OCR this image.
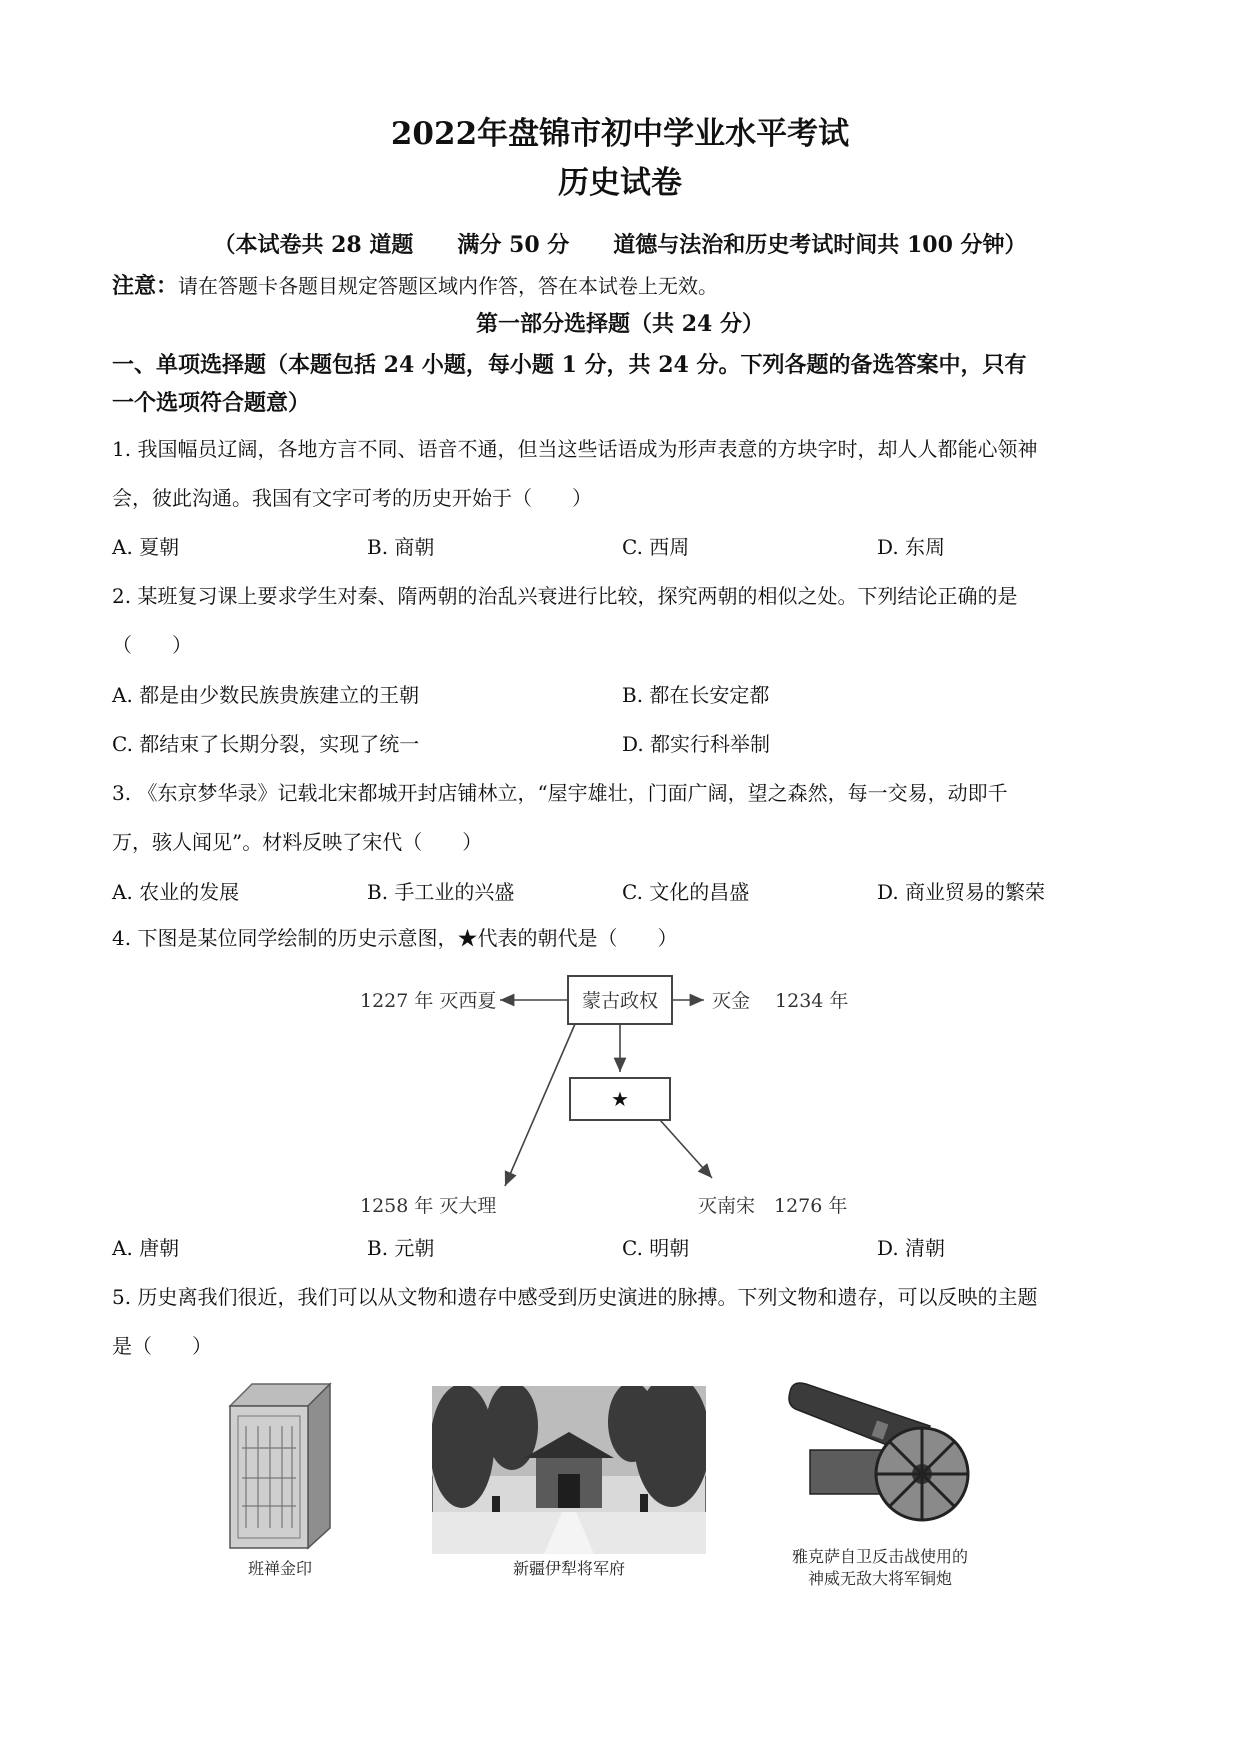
2022年盘锦市初中学业水平考试
历史试卷
（本试卷共 28 道题　　满分 50 分　　道德与法治和历史考试时间共 100 分钟）
注意：请在答题卡各题目规定答题区域内作答，答在本试卷上无效。
第一部分选择题（共 24 分）
一、单项选择题（本题包括 24 小题，每小题 1 分，共 24 分。下列各题的备选答案中，只有
一个选项符合题意）
1. 我国幅员辽阔，各地方言不同、语音不通，但当这些话语成为形声表意的方块字时，却人人都能心领神
会，彼此沟通。我国有文字可考的历史开始于（　　）
A. 夏朝	B. 商朝	C. 西周	D. 东周
2. 某班复习课上要求学生对秦、隋两朝的治乱兴衰进行比较，探究两朝的相似之处。下列结论正确的是
（　　）
A. 都是由少数民族贵族建立的王朝	B. 都在长安定都
C. 都结束了长期分裂，实现了统一	D. 都实行科举制
3. 《东京梦华录》记载北宋都城开封店铺林立，“屋宇雄壮，门面广阔，望之森然，每一交易，动即千
万，骇人闻见”。材料反映了宋代（　　）
A. 农业的发展	B. 手工业的兴盛	C. 文化的昌盛	D. 商业贸易的繁荣
4. 下图是某位同学绘制的历史示意图，★代表的朝代是（　　）
蒙古政权
★
1227 年 灭西夏	灭金　 1234 年
1258 年 灭大理	灭南宋　1276 年
A. 唐朝	B. 元朝	C. 明朝	D. 清朝
5. 历史离我们很近，我们可以从文物和遗存中感受到历史演进的脉搏。下列文物和遗存，可以反映的主题
是（　　）
班禅金印	新疆伊犁将军府
雅克萨自卫反击战使用的
神威无敌大将军铜炮
